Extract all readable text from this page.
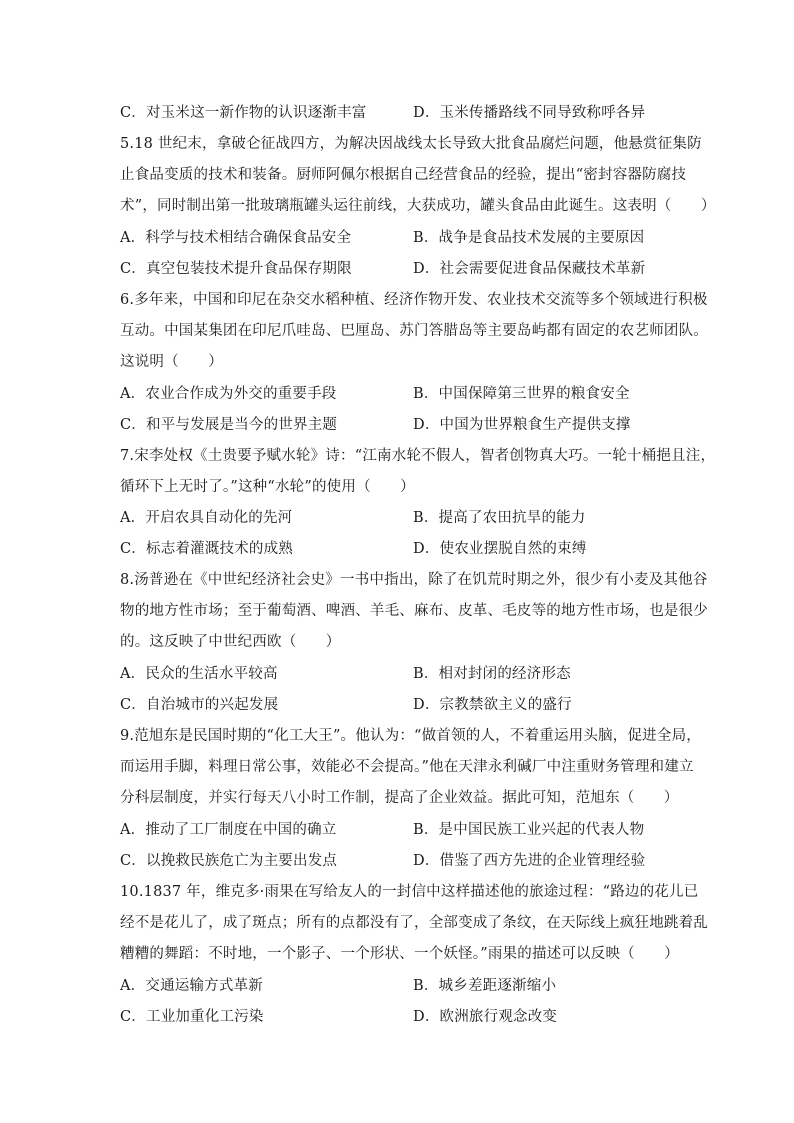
C．对玉米这一新作物的认识逐渐丰富	D．玉米传播路线不同导致称呼各异
5.18 世纪末，拿破仑征战四方，为解决因战线太长导致大批食品腐烂问题，他悬赏征集防
止食品变质的技术和装备。厨师阿佩尔根据自己经营食品的经验，提出“密封容器防腐技
术”，同时制出第一批玻璃瓶罐头运往前线，大获成功，罐头食品由此诞生。这表明（　　）
A．科学与技术相结合确保食品安全	B．战争是食品技术发展的主要原因
C．真空包装技术提升食品保存期限	D．社会需要促进食品保藏技术革新
6.多年来，中国和印尼在杂交水稻种植、经济作物开发、农业技术交流等多个领域进行积极
互动。中国某集团在印尼爪哇岛、巴厘岛、苏门答腊岛等主要岛屿都有固定的农艺师团队。
这说明（　　）
A．农业合作成为外交的重要手段	B．中国保障第三世界的粮食安全
C．和平与发展是当今的世界主题	D．中国为世界粮食生产提供支撑
7.宋李处权《土贵要予赋水轮》诗：“江南水轮不假人，智者创物真大巧。一轮十桶挹且注，
循环下上无时了。”这种“水轮”的使用（　　）
A．开启农具自动化的先河	B．提高了农田抗旱的能力
C．标志着灌溉技术的成熟	D．使农业摆脱自然的束缚
8.汤普逊在《中世纪经济社会史》一书中指出，除了在饥荒时期之外，很少有小麦及其他谷
物的地方性市场；至于葡萄酒、啤酒、羊毛、麻布、皮革、毛皮等的地方性市场，也是很少
的。这反映了中世纪西欧（　　）
A．民众的生活水平较高	B．相对封闭的经济形态
C．自治城市的兴起发展	D．宗教禁欲主义的盛行
9.范旭东是民国时期的“化工大王”。他认为：“做首领的人，不着重运用头脑，促进全局，
而运用手脚，料理日常公事，效能必不会提高。”他在天津永利碱厂中注重财务管理和建立
分科层制度，并实行每天八小时工作制，提高了企业效益。据此可知，范旭东（　　）
A．推动了工厂制度在中国的确立	B．是中国民族工业兴起的代表人物
C．以挽救民族危亡为主要出发点	D．借鉴了西方先进的企业管理经验
10.1837 年，维克多·雨果在写给友人的一封信中这样描述他的旅途过程：“路边的花儿已
经不是花儿了，成了斑点；所有的点都没有了，全部变成了条纹，在天际线上疯狂地跳着乱
糟糟的舞蹈：不时地，一个影子、一个形状、一个妖怪。”雨果的描述可以反映（　　）
A．交通运输方式革新	B．城乡差距逐渐缩小
C．工业加重化工污染	D．欧洲旅行观念改变
